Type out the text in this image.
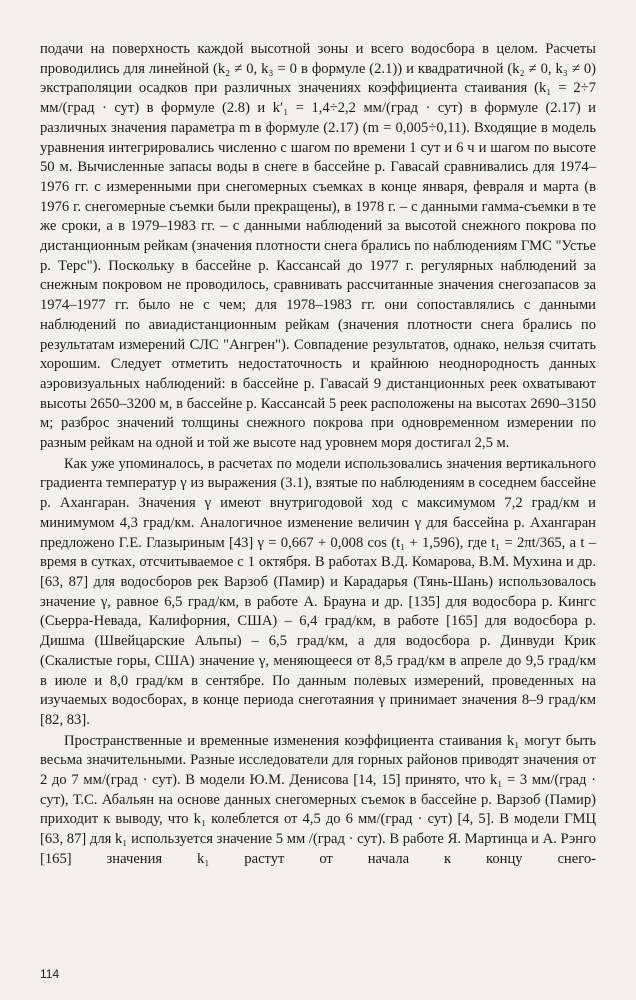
подачи на поверхность каждой высотной зоны и всего водосбора в целом. Расчеты проводились для линейной (k₂ ≠ 0, k₃ = 0 в формуле (2.1)) и квадратичной (k₂ ≠ 0, k₃ ≠ 0) экстраполяции осадков при различных значениях коэффициента стаивания (k₁ = 2÷7 мм/(град · сут) в формуле (2.8) и k′₁ = 1,4÷2,2 мм/(град · сут) в формуле (2.17) и различных значения параметра m в формуле (2.17) (m = 0,005÷0,11). Входящие в модель уравнения интегрировались численно с шагом по времени 1 сут и 6 ч и шагом по высоте 50 м. Вычисленные запасы воды в снеге в бассейне р. Гавасай сравнивались для 1974–1976 гг. с измеренными при снегомерных съемках в конце января, февраля и марта (в 1976 г. снегомерные съемки были прекращены), в 1978 г. – с данными гамма-съемки в те же сроки, а в 1979–1983 гг. – с данными наблюдений за высотой снежного покрова по дистанционным рейкам (значения плотности снега брались по наблюдениям ГМС "Устье р. Терс"). Поскольку в бассейне р. Кассансай до 1977 г. регулярных наблюдений за снежным покровом не проводилось, сравнивать рассчитанные значения снегозапасов за 1974–1977 гг. было не с чем; для 1978–1983 гг. они сопоставлялись с данными наблюдений по авиадистанционным рейкам (значения плотности снега брались по результатам измерений СЛС "Ангрен"). Совпадение результатов, однако, нельзя считать хорошим. Следует отметить недостаточность и крайнюю неоднородность данных аэровизуальных наблюдений: в бассейне р. Гавасай 9 дистанционных реек охватывают высоты 2650–3200 м, в бассейне р. Кассансай 5 реек расположены на высотах 2690–3150 м; разброс значений толщины снежного покрова при одновременном измерении по разным рейкам на одной и той же высоте над уровнем моря достигал 2,5 м.

Как уже упоминалось, в расчетах по модели использовались значения вертикального градиента температур γ из выражения (3.1), взятые по наблюдениям в соседнем бассейне р. Ахангаран. Значения γ имеют внутригодовой ход с максимумом 7,2 град/км и минимумом 4,3 град/км. Аналогичное изменение величин γ для бассейна р. Ахангаран предложено Г.Е. Глазыриным [43] γ = 0,667 + 0,008 cos (t₁ + 1,596), где t₁ = 2πt/365, а t – время в сутках, отсчитываемое с 1 октября. В работах В.Д. Комарова, В.М. Мухина и др. [63, 87] для водосборов рек Варзоб (Памир) и Карадарья (Тянь-Шань) использовалось значение γ, равное 6,5 град/км, в работе А. Брауна и др. [135] для водосбора р. Кингс (Сьерра-Невада, Калифорния, США) – 6,4 град/км, в работе [165] для водосбора р. Дишма (Швейцарские Альпы) – 6,5 град/км, а для водосбора р. Динвуди Крик (Скалистые горы, США) значение γ, меняющееся от 8,5 град/км в апреле до 9,5 град/км в июле и 8,0 град/км в сентябре. По данным полевых измерений, проведенных на изучаемых водосборах, в конце периода снеготаяния γ принимает значения 8–9 град/км [82, 83].

Пространственные и временные изменения коэффициента стаивания k₁ могут быть весьма значительными. Разные исследователи для горных районов приводят значения от 2 до 7 мм/(град · сут). В модели Ю.М. Денисова [14, 15] принято, что k₁ = 3 мм/(град · сут), Т.С. Абальян на основе данных снегомерных съемок в бассейне р. Варзоб (Памир) приходит к выводу, что k₁ колеблется от 4,5 до 6 мм/(град · сут) [4, 5]. В модели ГМЦ [63, 87] для k₁ используется значение 5 мм /(град · сут). В работе Я. Мартинца и А. Рэнго [165] значения k₁ растут от начала к концу снего-

114
